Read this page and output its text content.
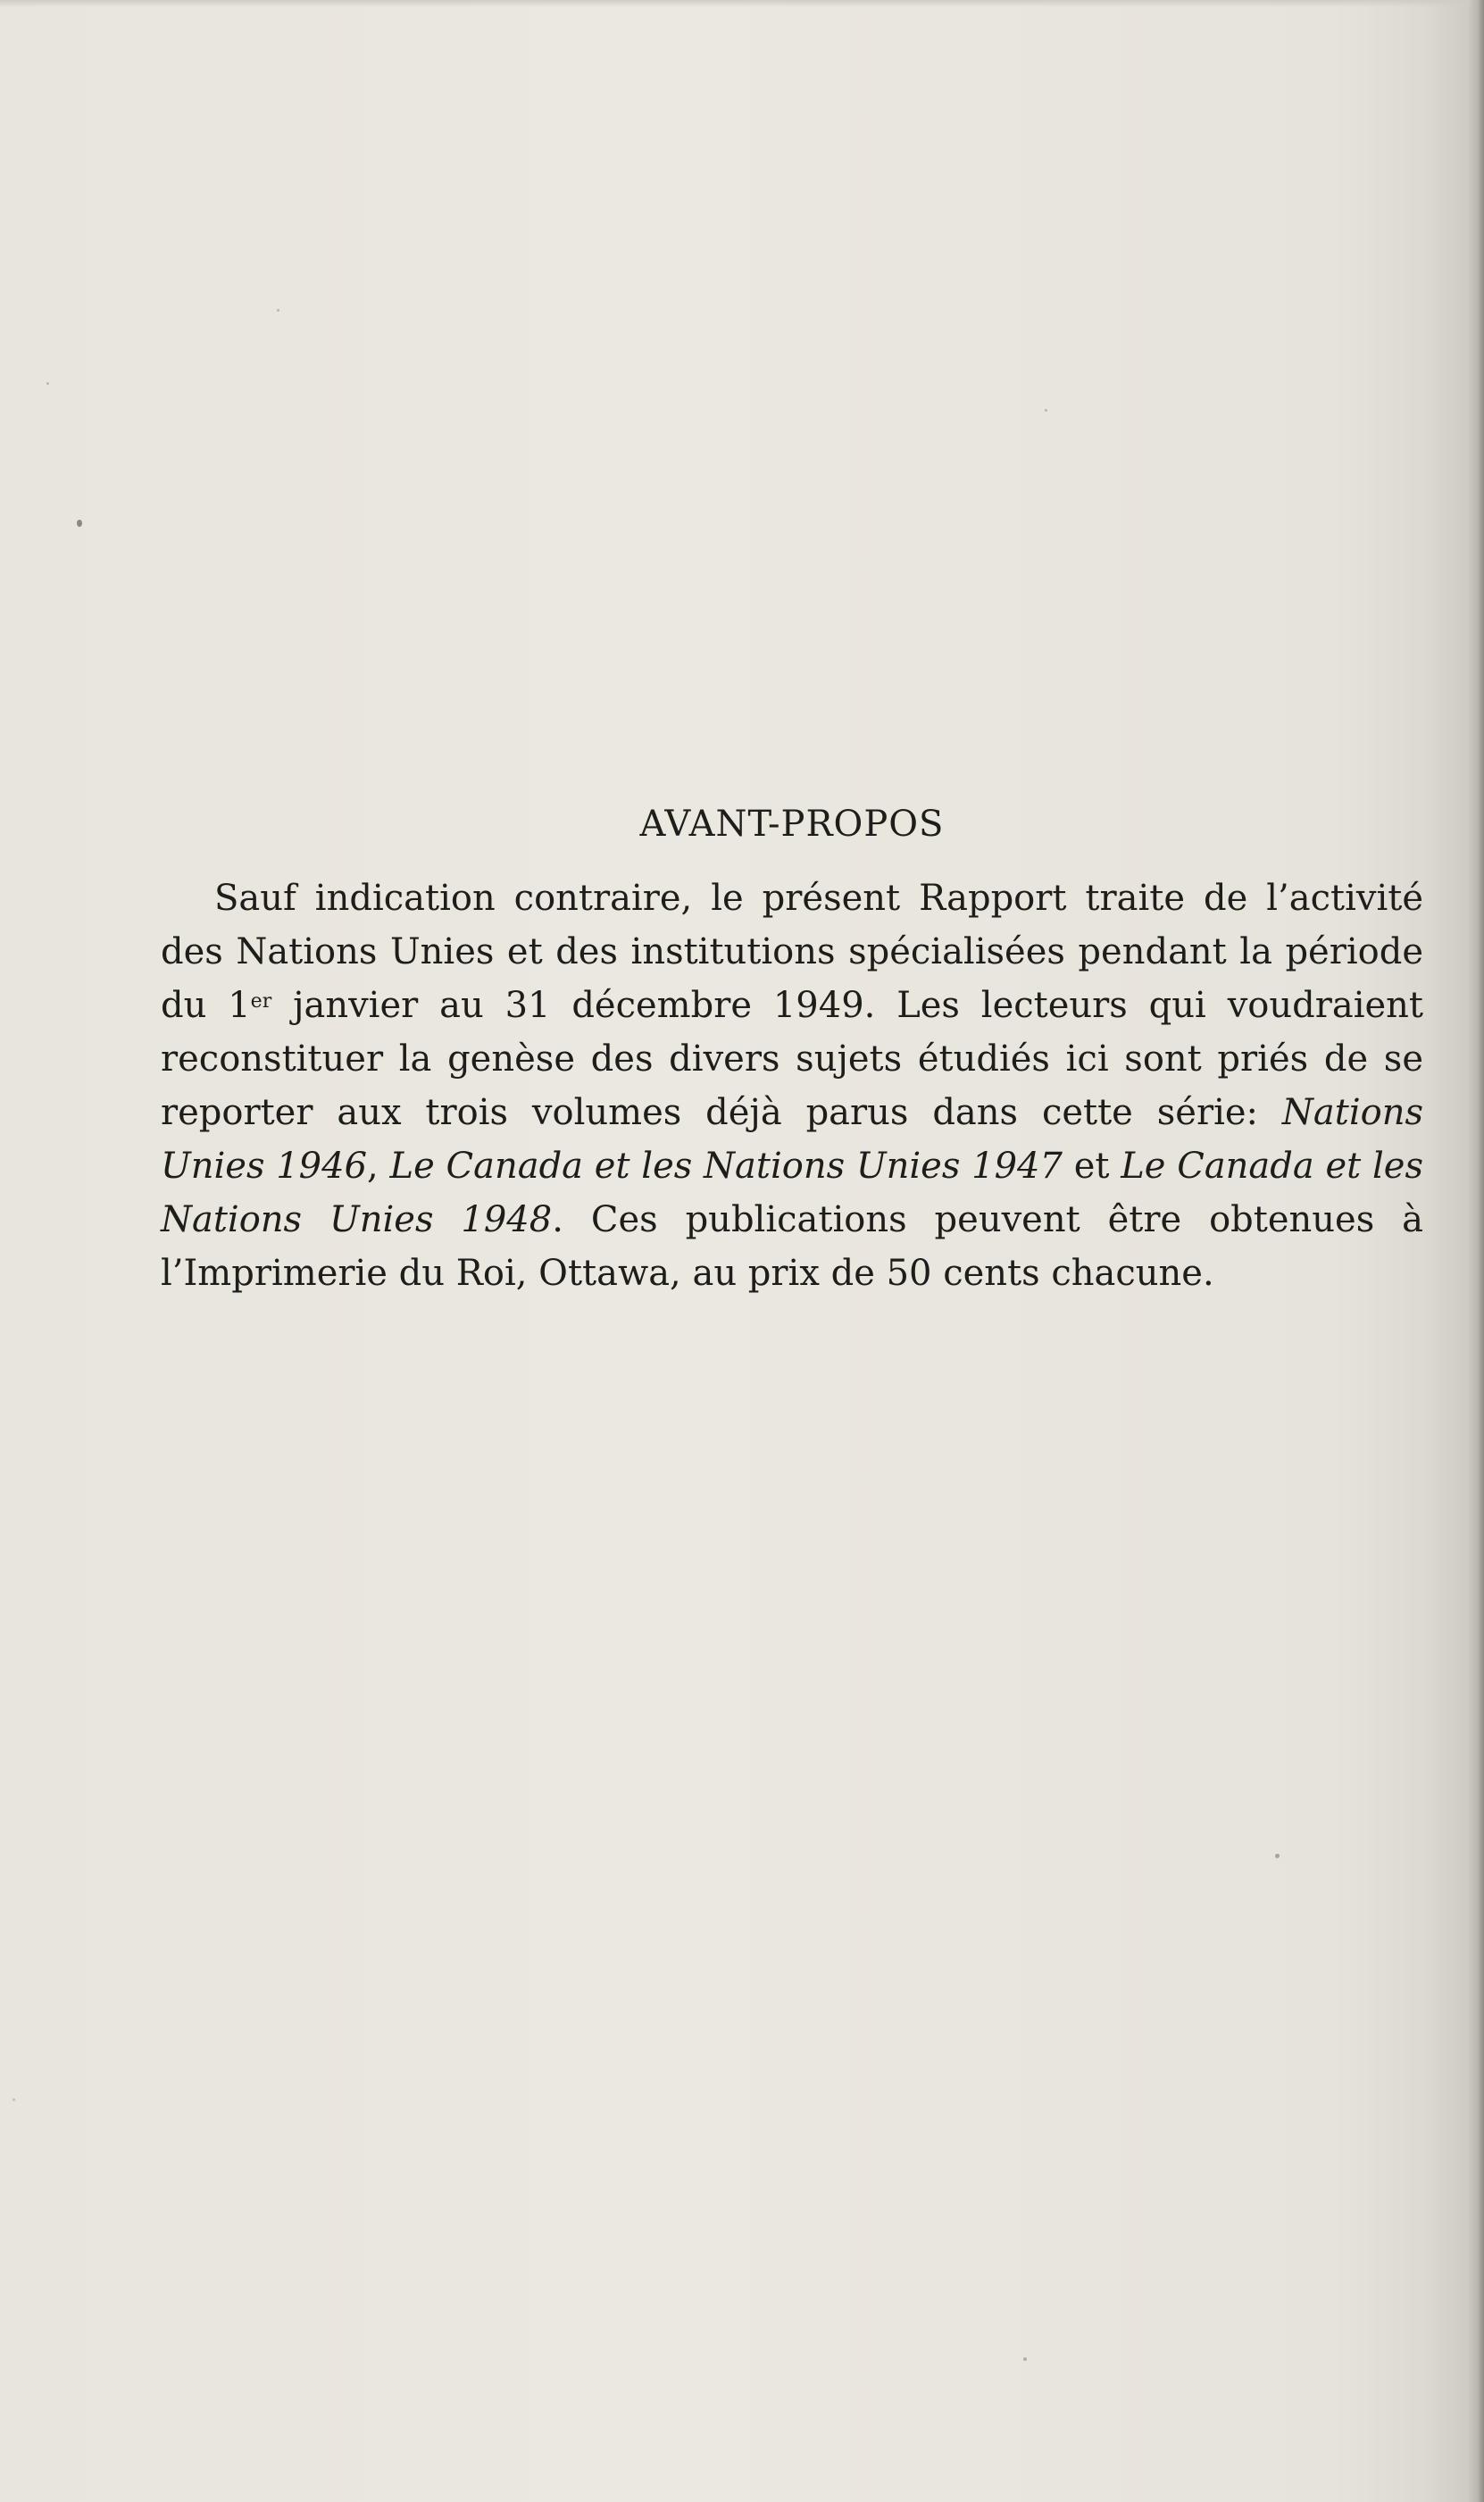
AVANT-PROPOS

Sauf indication contraire, le présent Rapport traite de l’activité des Nations Unies et des institutions spécialisées pendant la période du 1er janvier au 31 décembre 1949. Les lecteurs qui voudraient reconstituer la genèse des divers sujets étudiés ici sont priés de se reporter aux trois volumes déjà parus dans cette série: Nations Unies 1946, Le Canada et les Nations Unies 1947 et Le Canada et les Nations Unies 1948. Ces publications peuvent être obtenues à l’Imprimerie du Roi, Ottawa, au prix de 50 cents chacune.
